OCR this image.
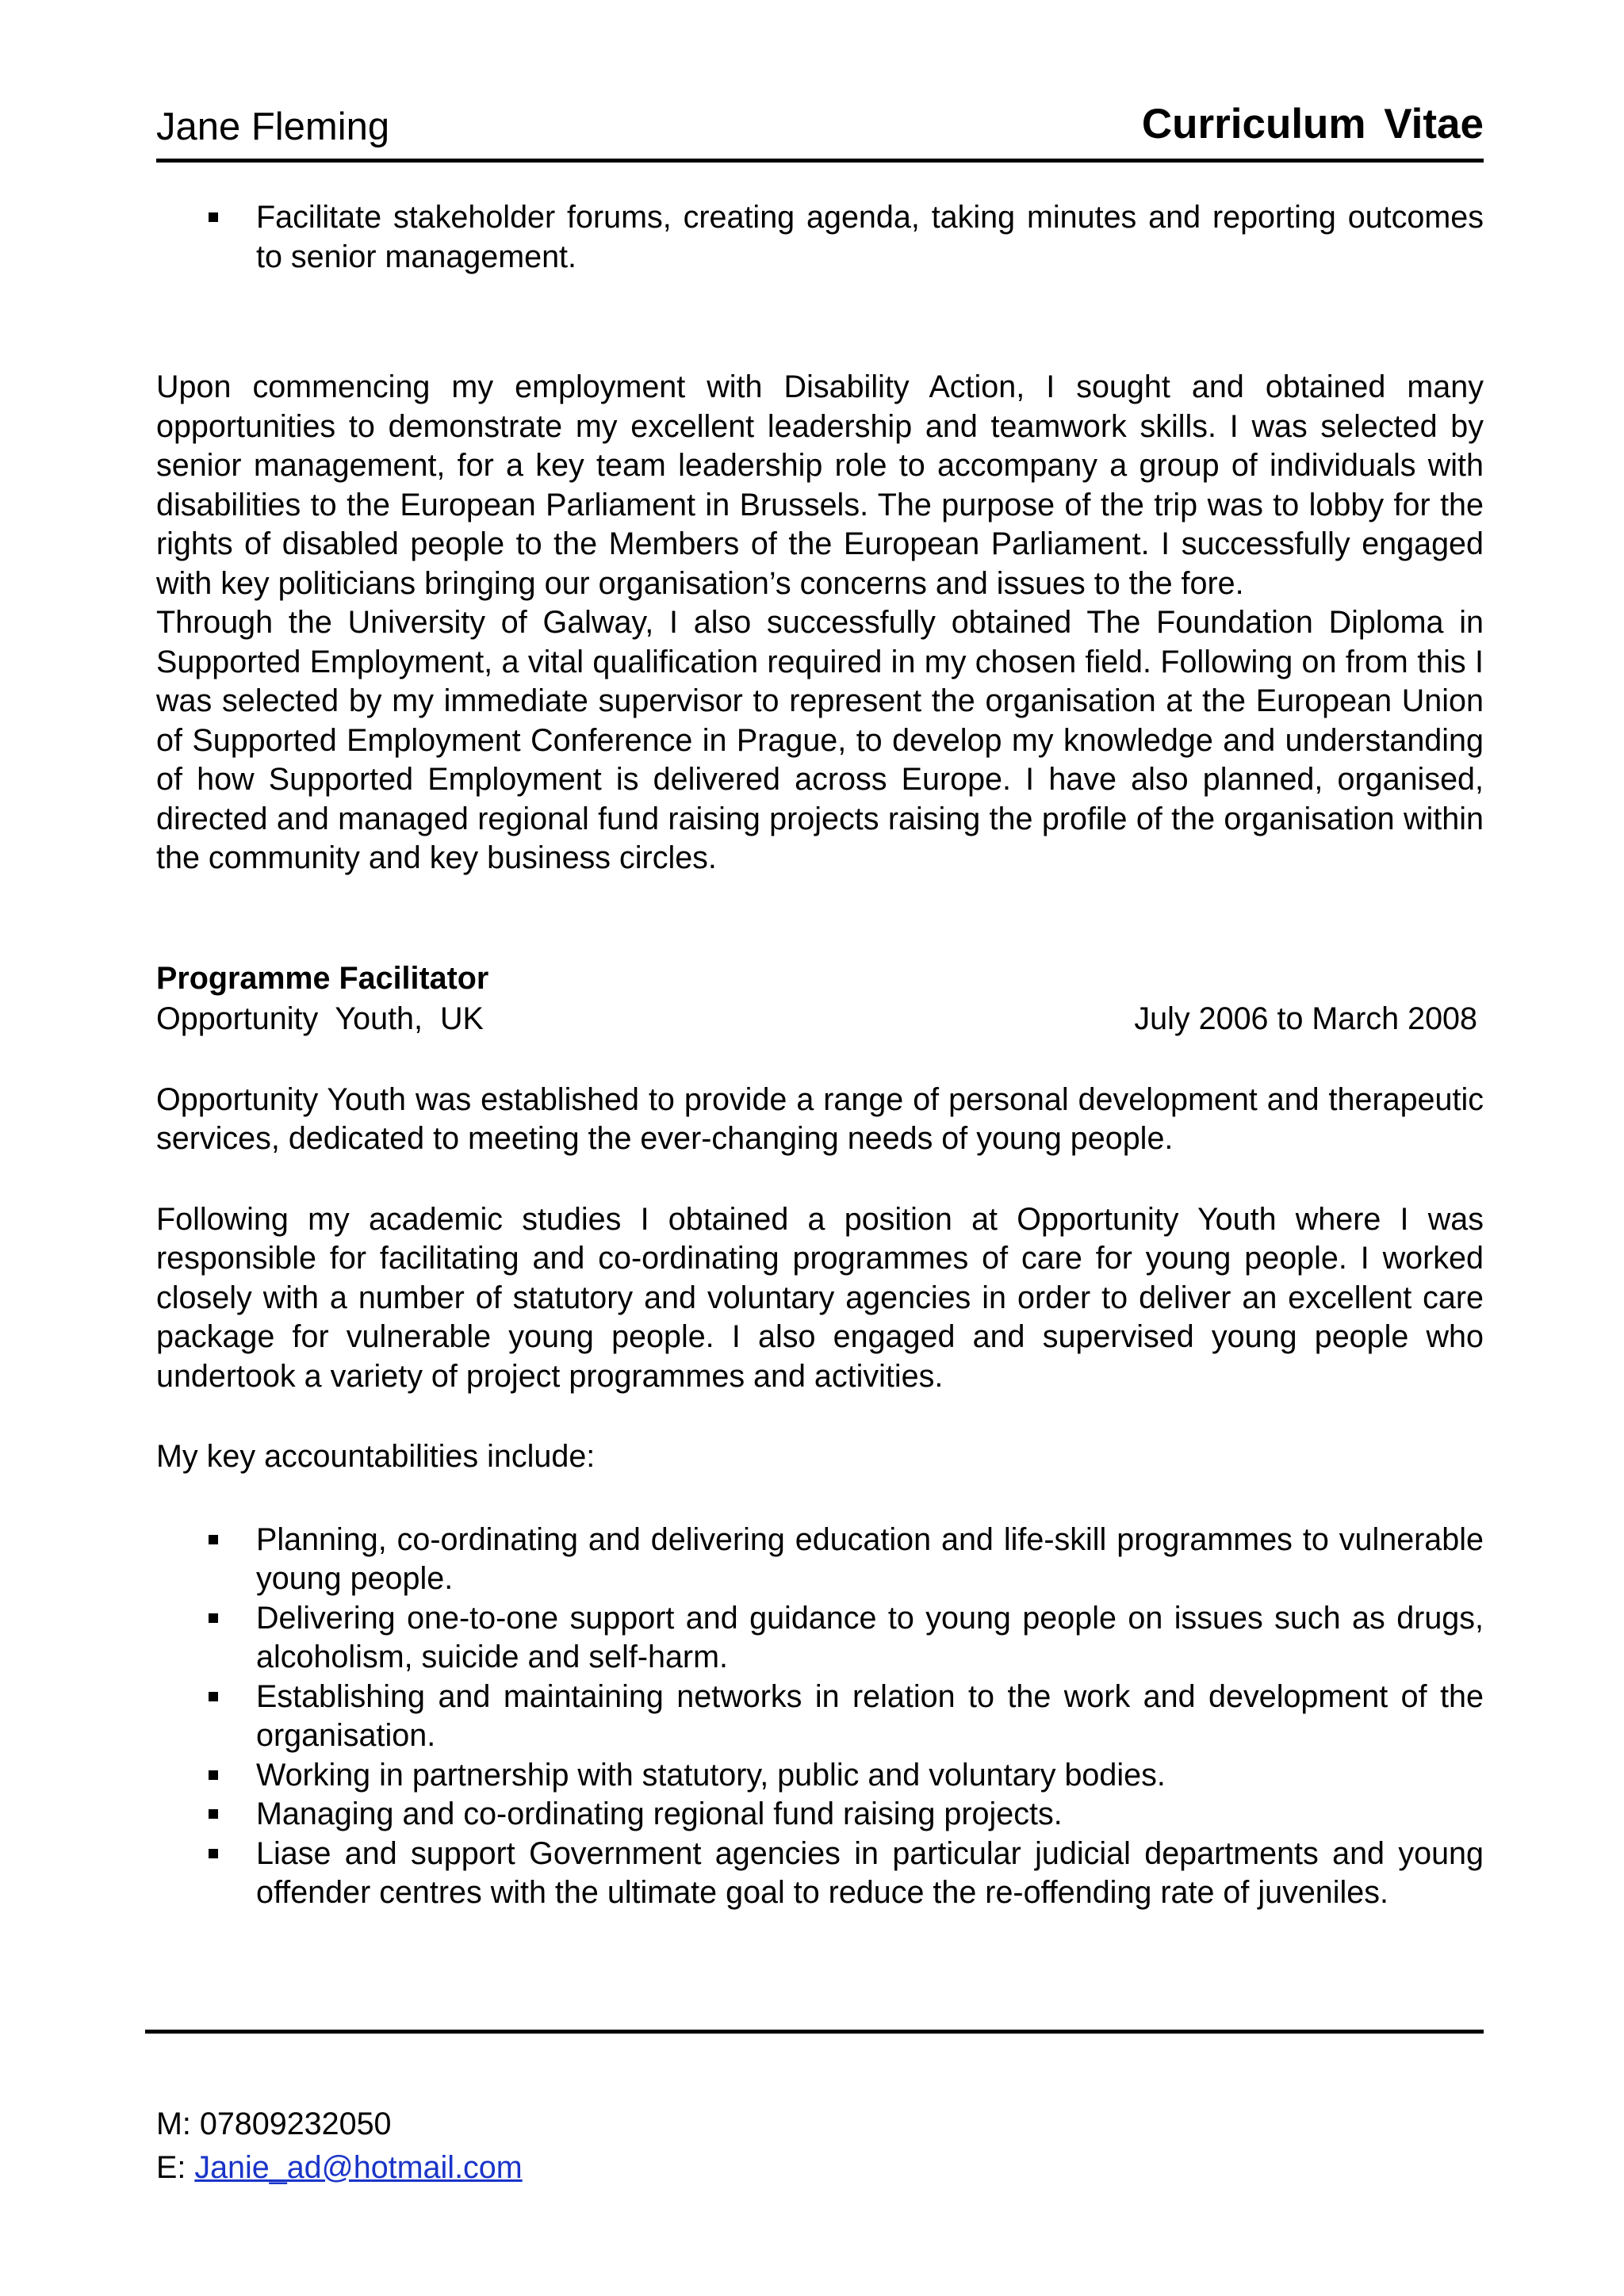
Jane Fleming	Curriculum Vitae
Facilitate stakeholder forums, creating agenda, taking minutes and reporting outcomes to senior management.

Upon commencing my employment with Disability Action, I sought and obtained many opportunities to demonstrate my excellent leadership and teamwork skills. I was selected by senior management, for a key team leadership role to accompany a group of individuals with disabilities to the European Parliament in Brussels. The purpose of the trip was to lobby for the rights of disabled people to the Members of the European Parliament. I successfully engaged with key politicians bringing our organisation’s concerns and issues to the fore.

Through the University of Galway, I also successfully obtained The Foundation Diploma in Supported Employment, a vital qualification required in my chosen field. Following on from this I was selected by my immediate supervisor to represent the organisation at the European Union of Supported Employment Conference in Prague, to develop my knowledge and understanding of how Supported Employment is delivered across Europe. I have also planned, organised, directed and managed regional fund raising projects raising the profile of the organisation within the community and key business circles.

Programme Facilitator

Opportunity  Youth,  UK	July 2006 to March 2008

Opportunity Youth was established to provide a range of personal development and therapeutic services, dedicated to meeting the ever-changing needs of young people.

Following my academic studies I obtained a position at Opportunity Youth where I was responsible for facilitating and co-ordinating programmes of care for young people. I worked closely with a number of statutory and voluntary agencies in order to deliver an excellent care package for vulnerable young people. I also engaged and supervised young people who undertook a variety of project programmes and activities.

My key accountabilities include:

Planning, co-ordinating and delivering education and life-skill programmes to vulnerable young people.
Delivering one-to-one support and guidance to young people on issues such as drugs, alcoholism, suicide and self-harm.
Establishing and maintaining networks in relation to the work and development of the organisation.
Working in partnership with statutory, public and voluntary bodies.
Managing and co-ordinating regional fund raising projects.
Liase and support Government agencies in particular judicial departments and young offender centres with the ultimate goal to reduce the re-offending rate of juveniles.
M: 07809232050
E: Janie_ad@hotmail.com
